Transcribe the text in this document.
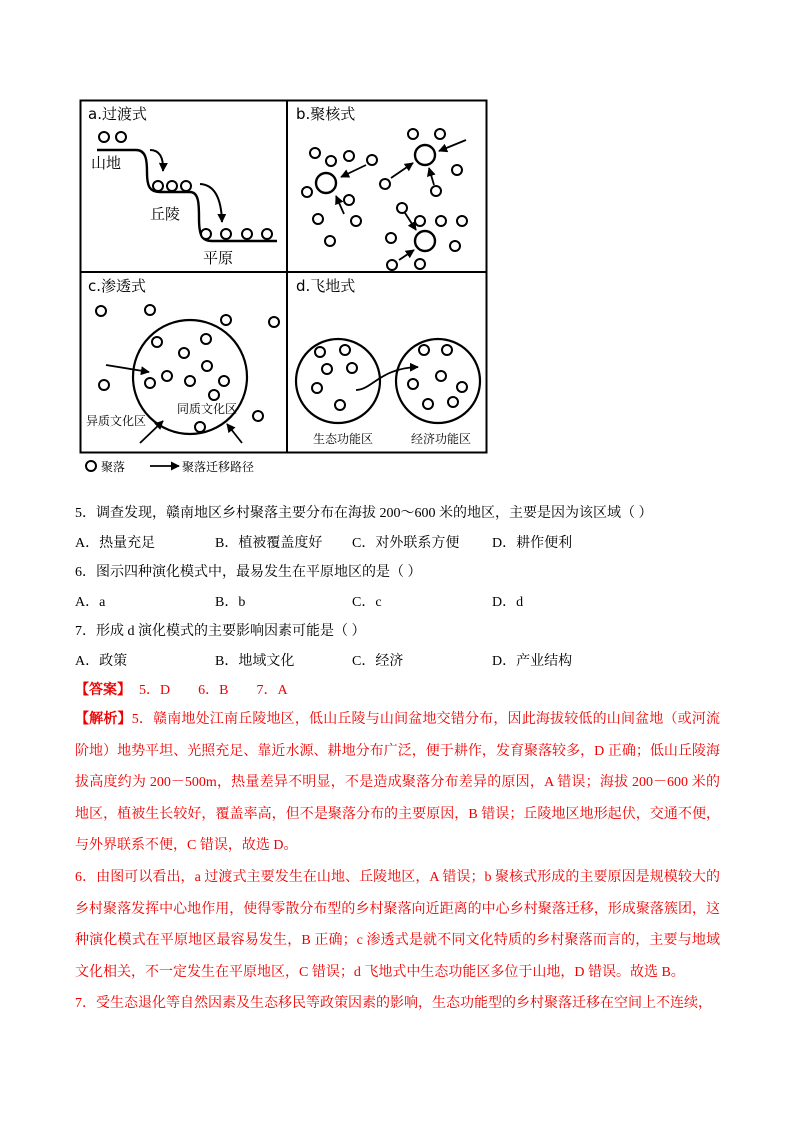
a.过渡式
山地
丘陵
平原
b.聚核式
c.渗透式
异质文化区
同质文化区
d.飞地式
生态功能区	经济功能区
聚落	聚落迁移路径
5．调查发现，赣南地区乡村聚落主要分布在海拔 200～600 米的地区，主要是因为该区域（ ）
A．热量充足	B．植被覆盖度好	C．对外联系方便	D．耕作便利
6．图示四种演化模式中，最易发生在平原地区的是（ ）
A．a	B．b	C．c	D．d
7．形成 d 演化模式的主要影响因素可能是（ ）
A．政策	B．地域文化	C．经济	D．产业结构
【答案】 5．D 6．B 7．A

【解析】5．赣南地处江南丘陵地区，低山丘陵与山间盆地交错分布，因此海拔较低的山间盆地（或河流阶地）地势平坦、光照充足、靠近水源、耕地分布广泛，便于耕作，发育聚落较多，D 正确；低山丘陵海拔高度约为 200－500m，热量差异不明显，不是造成聚落分布差异的原因，A 错误；海拔 200－600 米的地区，植被生长较好，覆盖率高，但不是聚落分布的主要原因，B 错误；丘陵地区地形起伏，交通不便，与外界联系不便，C 错误，故选 D。

6．由图可以看出，a 过渡式主要发生在山地、丘陵地区，A 错误；b 聚核式形成的主要原因是规模较大的乡村聚落发挥中心地作用，使得零散分布型的乡村聚落向近距离的中心乡村聚落迁移，形成聚落簇团，这种演化模式在平原地区最容易发生，B 正确；c 渗透式是就不同文化特质的乡村聚落而言的，主要与地域文化相关，不一定发生在平原地区，C 错误；d 飞地式中生态功能区多位于山地，D 错误。故选 B。

7．受生态退化等自然因素及生态移民等政策因素的影响，生态功能型的乡村聚落迁移在空间上不连续，
